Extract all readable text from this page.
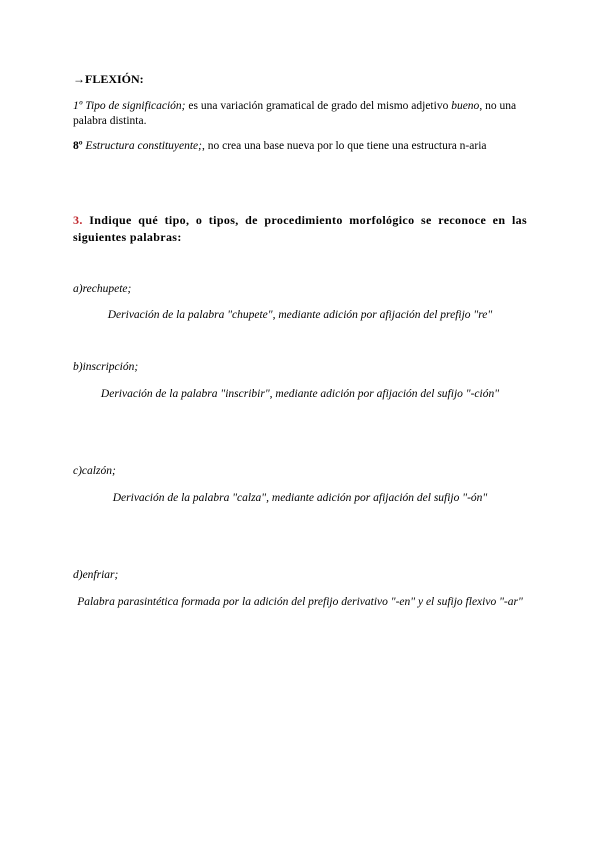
→FLEXIÓN:
1º Tipo de significación; es una variación gramatical de grado del mismo adjetivo bueno, no una palabra distinta.
8º Estructura constituyente;, no crea una base nueva por lo que tiene una estructura n-aria
3. Indique qué tipo, o tipos, de procedimiento morfológico se reconoce en las siguientes palabras:
a)rechupete;
Derivación de la palabra "chupete", mediante adición por afijación del prefijo "re"
b)inscripción;
Derivación de la palabra "inscribir", mediante adición por afijación del sufijo "-ción"
c)calzón;
Derivación de la palabra "calza", mediante adición por afijación del sufijo "-ón"
d)enfriar;
Palabra parasintética formada por la adición del prefijo derivativo "-en" y el sufijo flexivo "-ar"
